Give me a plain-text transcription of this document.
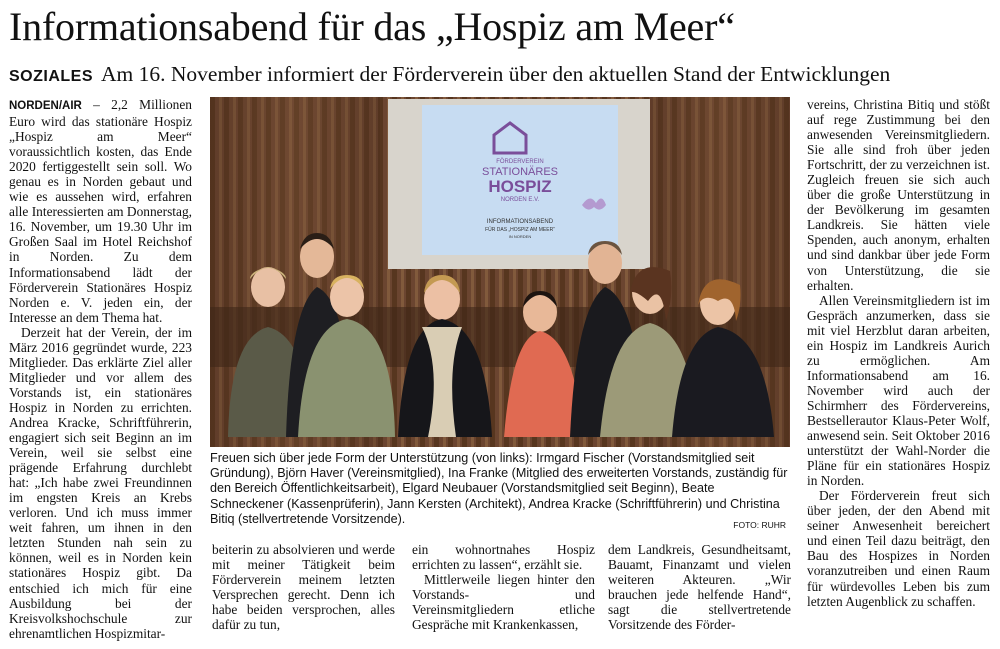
Informationsabend für das „Hospiz am Meer“
SOZIALES Am 16. November informiert der Förderverein über den aktuellen Stand der Entwicklungen

NORDEN/AIR – 2,2 Millionen Euro wird das stationäre Hospiz „Hospiz am Meer“ voraussichtlich kosten, das Ende 2020 fertiggestellt sein soll. Wo genau es in Norden gebaut und wie es aussehen wird, erfahren alle Interessierten am Donnerstag, 16. November, um 19.30 Uhr im Großen Saal im Hotel Reichshof in Norden. Zu dem Informationsabend lädt der Förderverein Stationäres Hospiz Norden e. V. jeden ein, der Interesse an dem Thema hat.

Derzeit hat der Verein, der im März 2016 gegründet wurde, 223 Mitglieder. Das erklärte Ziel aller Mitglieder und vor allem des Vorstands ist, ein stationäres Hospiz in Norden zu errichten. Andrea Kracke, Schriftführerin, engagiert sich seit Beginn an im Verein, weil sie selbst eine prägende Erfahrung durchlebt hat: „Ich habe zwei Freundinnen im engsten Kreis an Krebs verloren. Und ich muss immer weit fahren, um ihnen in den letzten Stunden nah sein zu können, weil es in Norden kein stationäres Hospiz gibt. Da entschied ich mich für eine Ausbildung bei der Kreisvolkshochschule zur ehrenamtlichen Hospizmitar-

FÖRDERVEREIN
STATIONÄRES
HOSPIZ
NORDEN E.V.
INFORMATIONSABEND
FÜR DAS „HOSPIZ AM MEER“
IN NORDEN
Freuen sich über jede Form der Unterstützung (von links): Irmgard Fischer (Vorstandsmitglied seit Gründung), Björn Haver (Vereinsmitglied), Ina Franke (Mitglied des erweiterten Vorstands, zuständig für den Bereich Öffentlichkeitsarbeit), Elgard Neubauer (Vorstandsmitglied seit Beginn), Beate Schneckener (Kassenprüferin), Jann Kersten (Architekt), Andrea Kracke (Schriftführerin) und Christina Bitiq (stellvertretende Vorsitzende).	FOTO: RUHR

beiterin zu absolvieren und werde mit meiner Tätigkeit beim Förderverein meinem letzten Versprechen gerecht. Denn ich habe beiden versprochen, alles dafür zu tun,

ein wohnortnahes Hospiz errichten zu lassen“, erzählt sie.

Mittlerweile liegen hinter den Vorstands- und Vereinsmitgliedern etliche Gespräche mit Krankenkassen,

dem Landkreis, Gesundheitsamt, Bauamt, Finanzamt und vielen weiteren Akteuren. „Wir brauchen jede helfende Hand“, sagt die stellvertretende Vorsitzende des Förder-

vereins, Christina Bitiq und stößt auf rege Zustimmung bei den anwesenden Vereinsmitgliedern. Sie alle sind froh über jeden Fortschritt, der zu verzeichnen ist. Zugleich freuen sie sich auch über die große Unterstützung in der Bevölkerung im gesamten Landkreis. Sie hätten viele Spenden, auch anonym, erhalten und sind dankbar über jede Form von Unterstützung, die sie erhalten.

Allen Vereinsmitgliedern ist im Gespräch anzumerken, dass sie mit viel Herzblut daran arbeiten, ein Hospiz im Landkreis Aurich zu ermöglichen. Am Informationsabend am 16. November wird auch der Schirmherr des Fördervereins, Bestsellerautor Klaus-Peter Wolf, anwesend sein. Seit Oktober 2016 unterstützt der Wahl-Norder die Pläne für ein stationäres Hospiz in Norden.

Der Förderverein freut sich über jeden, der den Abend mit seiner Anwesenheit bereichert und einen Teil dazu beiträgt, den Bau des Hospizes in Norden voranzutreiben und einen Raum für würdevolles Leben bis zum letzten Augenblick zu schaffen.
